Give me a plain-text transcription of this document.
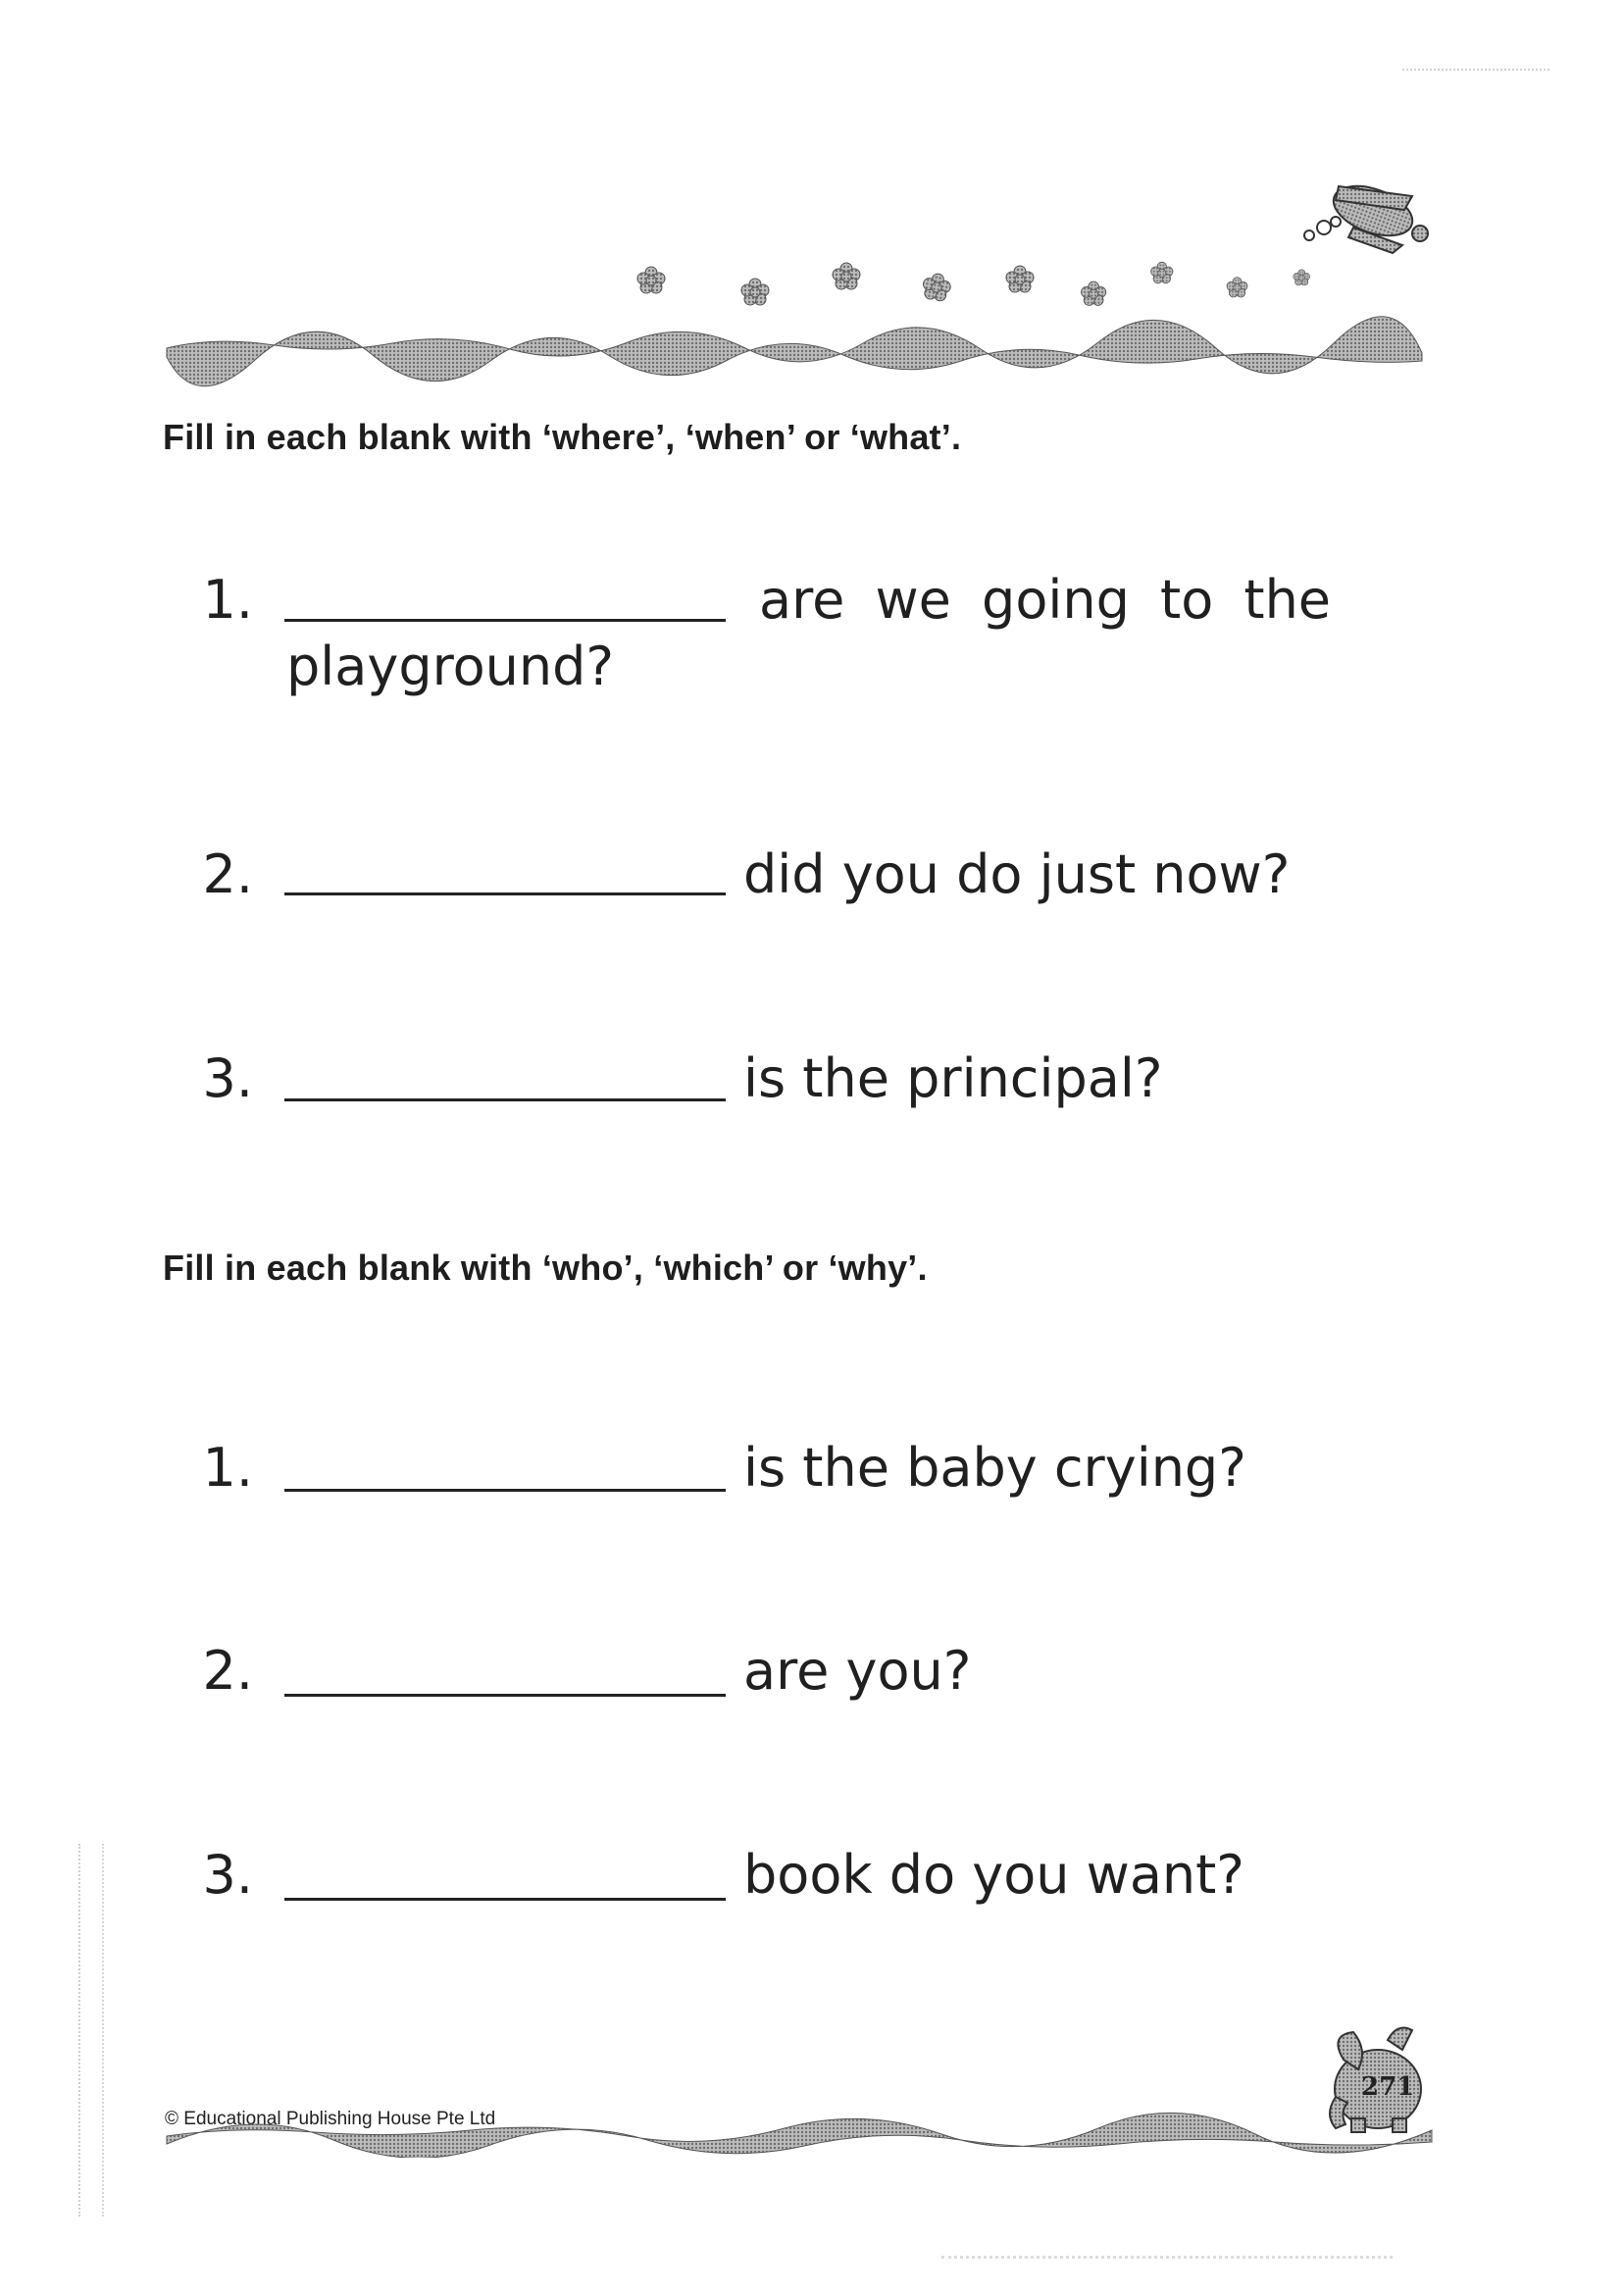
Fill in each blank with ‘where’, ‘when’ or ‘what’.
1.	are we going to the
playground?
2.	did you do just now?
3.	is the principal?
Fill in each blank with ‘who’, ‘which’ or ‘why’.
1.	is the baby crying?
2.	are you?
3.	book do you want?
© Educational Publishing House Pte Ltd
271
